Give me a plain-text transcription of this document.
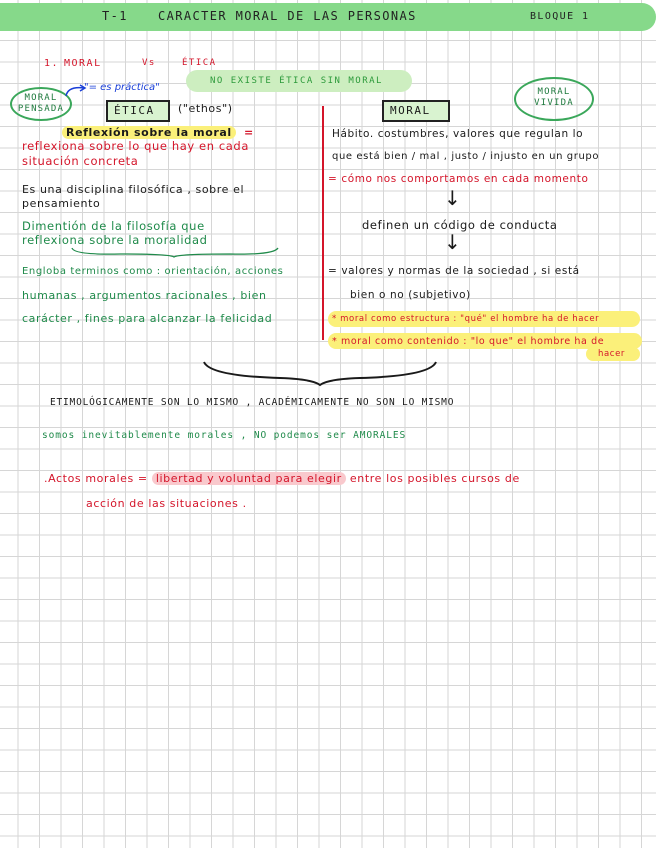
T-1	CARACTER MORAL DE LAS PERSONAS	BLOQUE 1
1. MORAL	Vs	ÉTICA
NO EXISTE ÉTICA SIN MORAL
MORAL
PENSADA
MORAL
VIVIDA
"= es práctica"
ÉTICA ("ethos")	MORAL
Reflexión sobre la moral	=
reflexiona sobre lo que hay en cada
situación concreta
Es una disciplina filosófica , sobre el
pensamiento
Dimentión de la filosofía que
reflexiona sobre la moralidad
Engloba terminos como : orientación, acciones
humanas , argumentos racionales , bien
carácter , fines para alcanzar la felicidad
Hábito. costumbres, valores que regulan lo
que está bien / mal , justo / injusto en un grupo
= cómo nos comportamos en cada momento
↓
definen un código de conducta
↓
= valores y normas de la sociedad , si está
bien o no (subjetivo)
* moral como estructura : "qué" el hombre ha de hacer
* moral como contenido : "lo que" el hombre ha de
hacer
ETIMOLÓGICAMENTE SON LO MISMO , ACADÉMICAMENTE NO SON LO MISMO
somos inevitablemente morales , NO podemos ser AMORALES
.Actos morales = libertad y voluntad para elegir entre los posibles cursos de
acción de las situaciones .
